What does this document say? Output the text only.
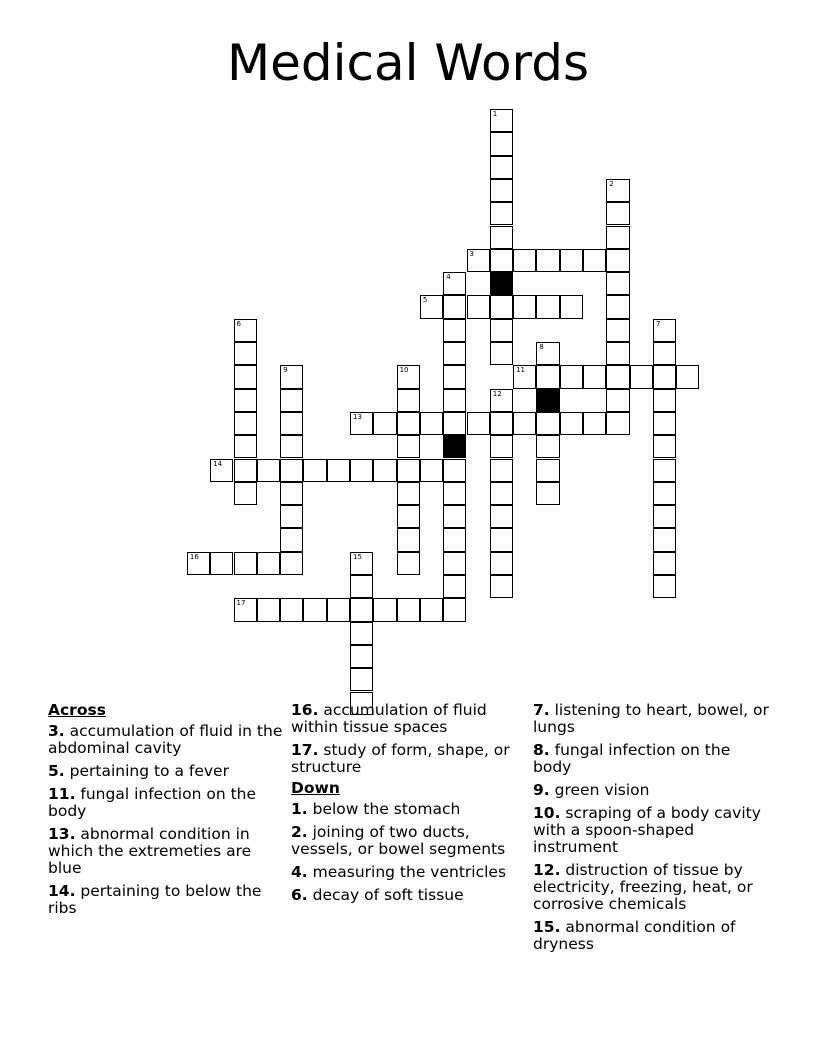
Medical Words
1
2
4
6	7
8
9	10
12
15
3
5
11
13
14
16
17
Across
3. accumulation of fluid in the abdominal cavity
5. pertaining to a fever
11. fungal infection on the body
13. abnormal condition in which the extremeties are blue
14. pertaining to below the ribs
16. accumulation of fluid within tissue spaces
17. study of form, shape, or structure
Down
1. below the stomach
2. joining of two ducts, vessels, or bowel segments
4. measuring the ventricles
6. decay of soft tissue
7. listening to heart, bowel, or lungs
8. fungal infection on the body
9. green vision
10. scraping of a body cavity with a spoon-shaped instrument
12. distruction of tissue by electricity, freezing, heat, or corrosive chemicals
15. abnormal condition of dryness
